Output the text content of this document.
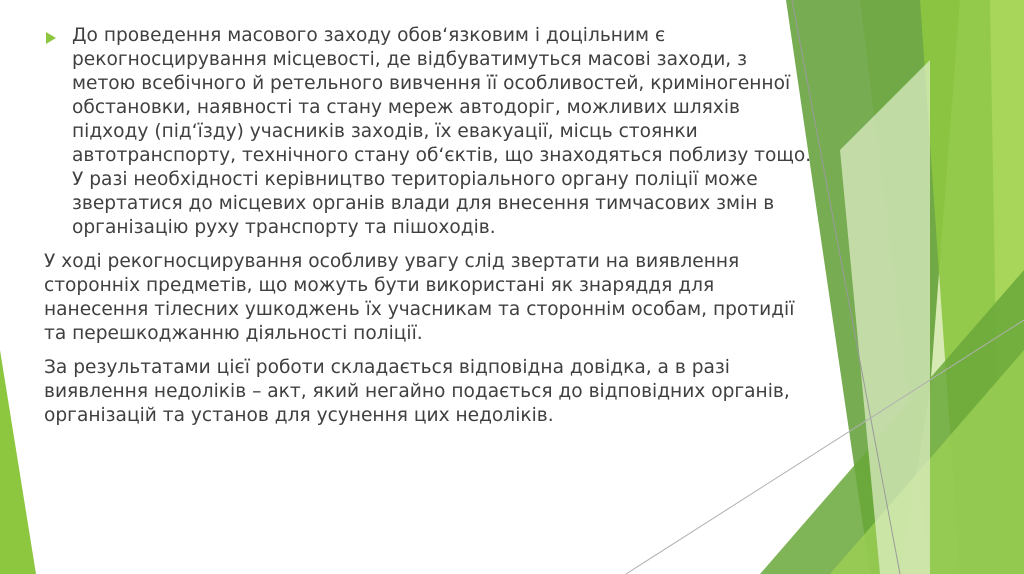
До проведення масового заходу обов‘язковим і доцільним є
рекогносцирування місцевості, де відбуватимуться масові заходи, з
метою всебічного й ретельного вивчення її особливостей, криміногенної
обстановки, наявності та стану мереж автодоріг, можливих шляхів
підходу (під‘їзду) учасників заходів, їх евакуації, місць стоянки
автотранспорту, технічного стану об‘єктів, що знаходяться поблизу тощо.
У разі необхідності керівництво територіального органу поліції може
звертатися до місцевих органів влади для внесення тимчасових змін в
організацію руху транспорту та пішоходів.
У ході рекогносцирування особливу увагу слід звертати на виявлення
сторонніх предметів, що можуть бути використані як знаряддя для
нанесення тілесних ушкоджень їх учасникам та стороннім особам, протидії
та перешкоджанню діяльності поліції.
За результатами цієї роботи складається відповідна довідка, а в разі
виявлення недоліків – акт, який негайно подається до відповідних органів,
організацій та установ для усунення цих недоліків.
